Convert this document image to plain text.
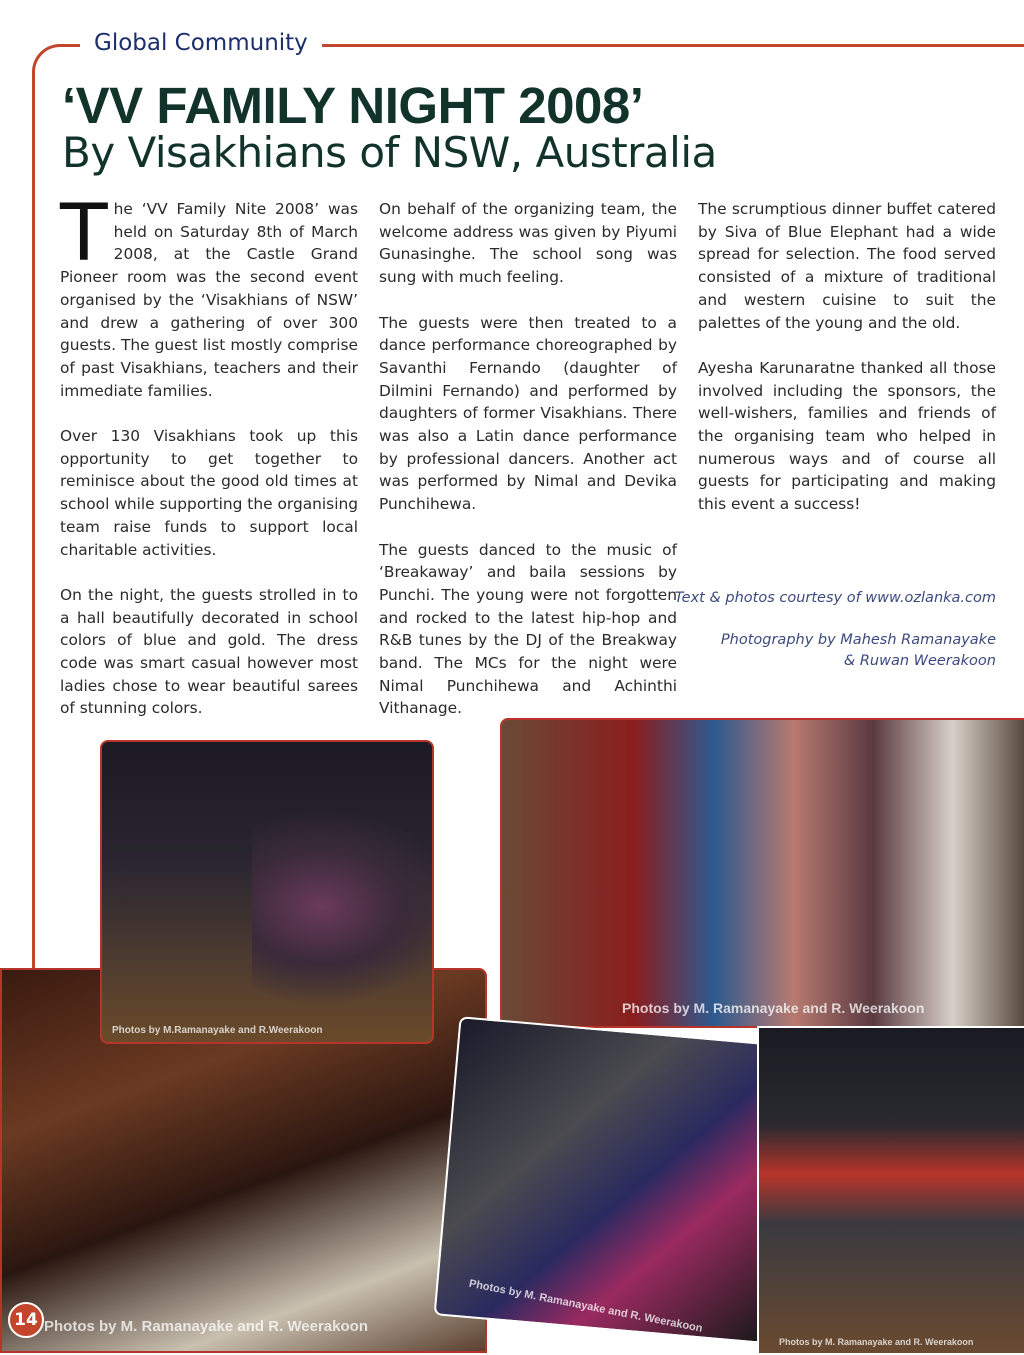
Global Community
‘VV FAMILY NIGHT 2008’
By Visakhians of NSW, Australia

The ‘VV Family Nite 2008’ was held on Saturday 8th of March 2008, at the Castle Grand Pioneer room was the second event organised by the ‘Visakhians of NSW’ and drew a gathering of over 300 guests. The guest list mostly comprise of past Visakhians, teachers and their immediate families.

Over 130 Visakhians took up this opportunity to get together to reminisce about the good old times at school while supporting the organising team raise funds to support local charitable activities.

On the night, the guests strolled in to a hall beautifully decorated in school colors of blue and gold. The dress code was smart casual however most ladies chose to wear beautiful sarees of stunning colors.

On behalf of the organizing team, the welcome address was given by Piyumi Gunasinghe. The school song was sung with much feeling.

The guests were then treated to a dance performance choreographed by Savanthi Fernando (daughter of Dilmini Fernando) and performed by daughters of former Visakhians. There was also a Latin dance performance by professional dancers. Another act was performed by Nimal and Devika Punchihewa.

The guests danced to the music of ‘Breakaway’ and baila sessions by Punchi. The young were not forgotten and rocked to the latest hip-hop and R&B tunes by the DJ of the Breakway band. The MCs for the night were Nimal Punchihewa and Achinthi Vithanage.

The scrumptious dinner buffet catered by Siva of Blue Elephant had a wide spread for selection. The food served consisted of a mixture of traditional and western cuisine to suit the palettes of the young and the old.

Ayesha Karunaratne thanked all those involved including the sponsors, the well-wishers, families and friends of the organising team who helped in numerous ways and of course all guests for participating and making this event a success!

Text & photos courtesy of www.ozlanka.com
Photography by Mahesh Ramanayake
& Ruwan Weerakoon
Photos by M. Ramanayake and R. Weerakoon
Photos by M.Ramanayake and R.Weerakoon
Photos by M. Ramanayake and R. Weerakoon
Photos by M. Ramanayake and R. Weerakoon
Photos by M. Ramanayake and R. Weerakoon
14
